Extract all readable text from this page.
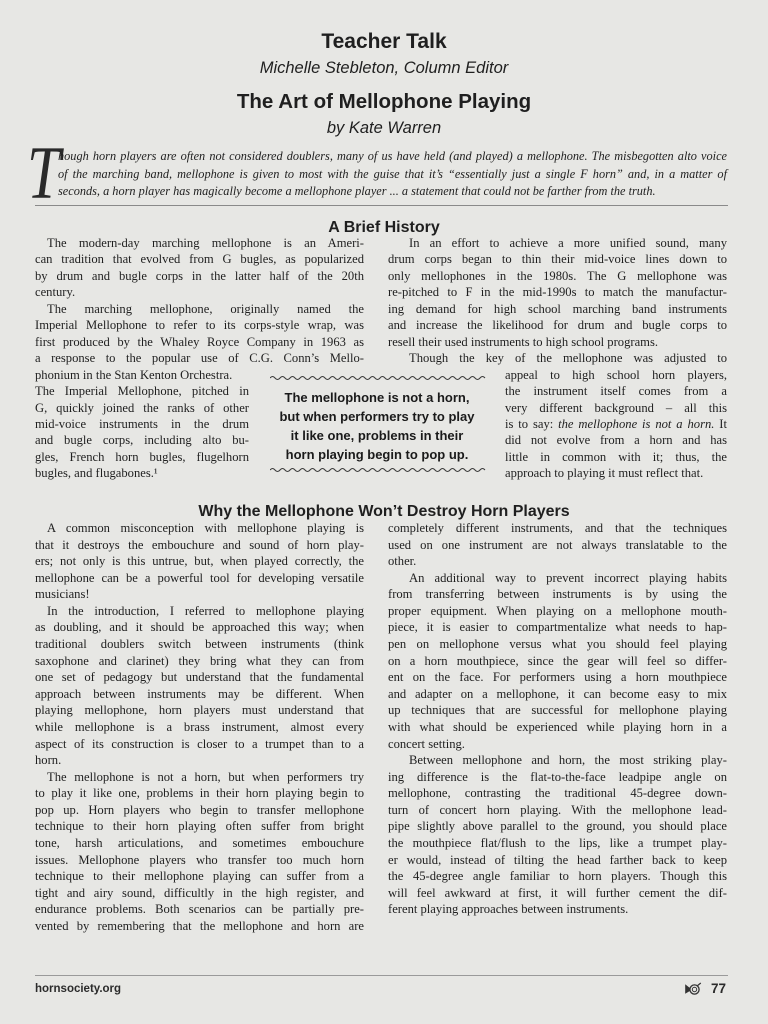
Teacher Talk
Michelle Stebleton, Column Editor
The Art of Mellophone Playing
by Kate Warren
T
hough horn players are often not considered doublers, many of us have held (and played) a mellophone. The misbegotten alto voice
of the marching band, mellophone is given to most with the guise that it’s “essentially just a single F horn” and, in a matter of
seconds, a horn player has magically become a mellophone player ... a statement that could not be farther from the truth.
A Brief History
The modern-day marching mellophone is an Ameri-
can tradition that evolved from G bugles, as popularized
by drum and bugle corps in the latter half of the 20th
century.
The marching mellophone, originally named the
Imperial Mellophone to refer to its corps-style wrap, was
first produced by the Whaley Royce Company in 1963 as
a response to the popular use of C.G. Conn’s Mello-
phonium in the Stan Kenton Orchestra.
The Imperial Mellophone, pitched in
G, quickly joined the ranks of other
mid-voice instruments in the drum
and bugle corps, including alto bu-
gles, French horn bugles, flugelhorn
bugles, and flugabones.¹
In an effort to achieve a more unified sound, many
drum corps began to thin their mid-voice lines down to
only mellophones in the 1980s. The G mellophone was
re-pitched to F in the mid-1990s to match the manufactur-
ing demand for high school marching band instruments
and increase the likelihood for drum and bugle corps to
resell their used instruments to high school programs.
Though the key of the mellophone was adjusted to
appeal to high school horn players,
the instrument itself comes from a
very different background – all this
is to say: the mellophone is not a horn. It
did not evolve from a horn and has
little in common with it; thus, the
approach to playing it must reflect that.
The mellophone is not a horn,
but when performers try to play
it like one, problems in their
horn playing begin to pop up.
Why the Mellophone Won’t Destroy Horn Players
A common misconception with mellophone playing is
that it destroys the embouchure and sound of horn play-
ers; not only is this untrue, but, when played correctly, the
mellophone can be a powerful tool for developing versatile
musicians!
In the introduction, I referred to mellophone playing
as doubling, and it should be approached this way; when
traditional doublers switch between instruments (think
saxophone and clarinet) they bring what they can from
one set of pedagogy but understand that the fundamental
approach between instruments may be different. When
playing mellophone, horn players must understand that
while mellophone is a brass instrument, almost every
aspect of its construction is closer to a trumpet than to a
horn.
The mellophone is not a horn, but when performers try
to play it like one, problems in their horn playing begin to
pop up. Horn players who begin to transfer mellophone
technique to their horn playing often suffer from bright
tone, harsh articulations, and sometimes embouchure
issues. Mellophone players who transfer too much horn
technique to their mellophone playing can suffer from a
tight and airy sound, difficultly in the high register, and
endurance problems. Both scenarios can be partially pre-
vented by remembering that the mellophone and horn are
completely different instruments, and that the techniques
used on one instrument are not always translatable to the
other.
An additional way to prevent incorrect playing habits
from transferring between instruments is by using the
proper equipment. When playing on a mellophone mouth-
piece, it is easier to compartmentalize what needs to hap-
pen on mellophone versus what you should feel playing
on a horn mouthpiece, since the gear will feel so differ-
ent on the face. For performers using a horn mouthpiece
and adapter on a mellophone, it can become easy to mix
up techniques that are successful for mellophone playing
with what should be experienced while playing horn in a
concert setting.
Between mellophone and horn, the most striking play-
ing difference is the flat-to-the-face leadpipe angle on
mellophone, contrasting the traditional 45-degree down-
turn of concert horn playing. With the mellophone lead-
pipe slightly above parallel to the ground, you should place
the mouthpiece flat/flush to the lips, like a trumpet play-
er would, instead of tilting the head farther back to keep
the 45-degree angle familiar to horn players. Though this
will feel awkward at first, it will further cement the dif-
ferent playing approaches between instruments.
hornsociety.org	77
